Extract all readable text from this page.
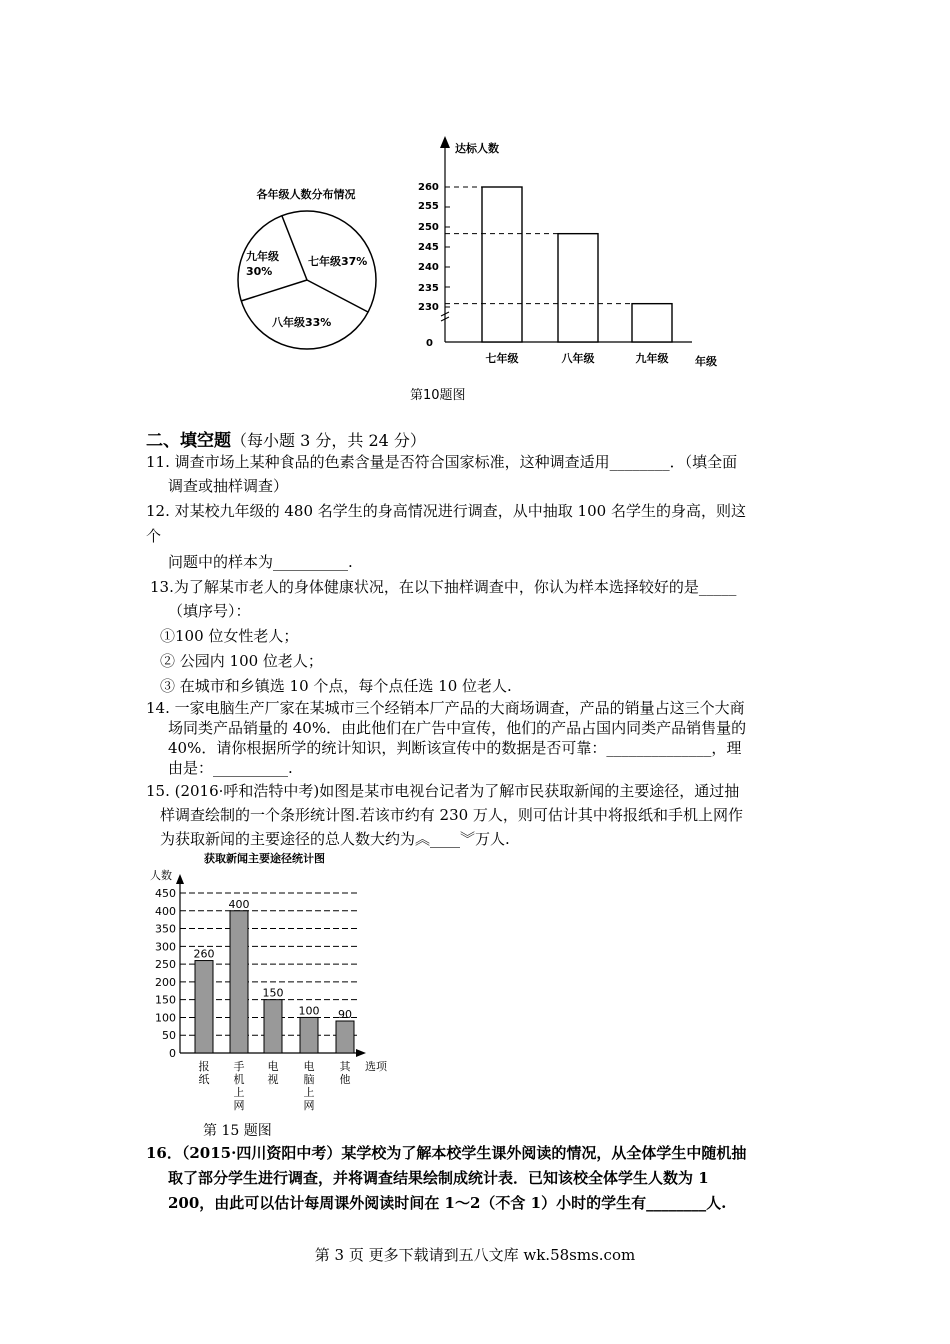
各年级人数分布情况
九年级
30%
七年级37%
八年级33%
达标人数
年级
260
255
250
245
240
235
230
0
七年级	八年级	九年级
第10题图
二、填空题（每小题 3 分，共 24 分）
11. 调查市场上某种食品的色素含量是否符合国家标准，这种调查适用________．（填全面
调查或抽样调查）
12. 对某校九年级的 480 名学生的身高情况进行调查，从中抽取 100 名学生的身高，则这
个
问题中的样本为__________.
13.为了解某市老人的身体健康状况，在以下抽样调查中，你认为样本选择较好的是_____
（填序号）：
①100 位女性老人；
② 公园内 100 位老人；
③ 在城市和乡镇选 10 个点，每个点任选 10 位老人.
14. 一家电脑生产厂家在某城市三个经销本厂产品的大商场调查，产品的销量占这三个大商
场同类产品销量的 40%．由此他们在广告中宣传，他们的产品占国内同类产品销售量的
40%．请你根据所学的统计知识，判断该宣传中的数据是否可靠：______________，理
由是：__________.
15. (2016·呼和浩特中考)如图是某市电视台记者为了解市民获取新闻的主要途径，通过抽
样调查绘制的一个条形统计图.若该市约有 230 万人，则可估计其中将报纸和手机上网作
为获取新闻的主要途径的总人数大约为︽____︾万人.
获取新闻主要途径统计图
人数
选项
450
400
350
300
250
200
150
100
50
0
260
400
150
100 90
报纸
手机上网
电视
电脑上网
其他
第 15 题图
16．（2015·四川资阳中考）某学校为了解本校学生课外阅读的情况，从全体学生中随机抽
取了部分学生进行调查，并将调查结果绘制成统计表．已知该校全体学生人数为 1
200，由此可以估计每周课外阅读时间在 1～2（不含 1）小时的学生有________人.
第 3 页 更多下载请到五八文库 wk.58sms.com
